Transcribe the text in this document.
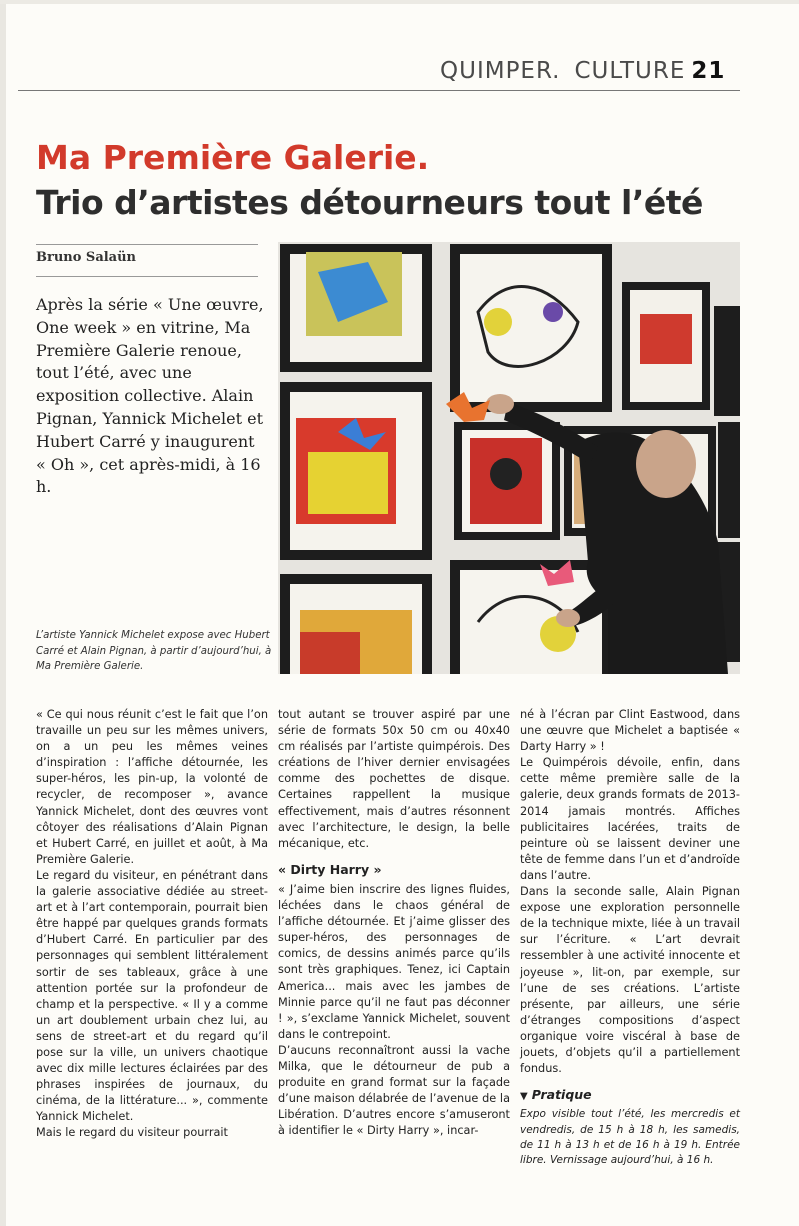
QUIMPER. CULTURE 21
Ma Première Galerie.
Trio d’artistes détourneurs tout l’été
Bruno Salaün

Après la série « Une œuvre, One week » en vitrine, Ma Première Galerie renoue, tout l’été, avec une exposition collective. Alain Pignan, Yannick Michelet et Hubert Carré y inaugurent « Oh », cet après-midi, à 16 h.

L’artiste Yannick Michelet expose avec Hubert Carré et Alain Pignan, à partir d’aujourd’hui, à Ma Première Galerie.

« Ce qui nous réunit c’est le fait que l’on travaille un peu sur les mêmes univers, on a un peu les mêmes veines d’inspiration : l’affiche détournée, les super-héros, les pin-up, la volonté de recycler, de recomposer », avance Yannick Michelet, dont des œuvres vont côtoyer des réalisations d’Alain Pignan et Hubert Carré, en juillet et août, à Ma Première Galerie.

Le regard du visiteur, en pénétrant dans la galerie associative dédiée au street-art et à l’art contemporain, pourrait bien être happé par quelques grands formats d’Hubert Carré. En particulier par des personnages qui semblent littéralement sortir de ses tableaux, grâce à une attention portée sur la profondeur de champ et la perspective. « Il y a comme un art doublement urbain chez lui, au sens de street-art et du regard qu’il pose sur la ville, un univers chaotique avec dix mille lectures éclairées par des phrases inspirées de journaux, du cinéma, de la littérature... », commente Yannick Michelet.

Mais le regard du visiteur pourrait

tout autant se trouver aspiré par une série de formats 50x 50 cm ou 40x40 cm réalisés par l’artiste quimpérois. Des créations de l’hiver dernier envisagées comme des pochettes de disque. Certaines rappellent la musique effectivement, mais d’autres résonnent avec l’architecture, le design, la belle mécanique, etc.

« Dirty Harry »

« J’aime bien inscrire des lignes fluides, léchées dans le chaos général de l’affiche détournée. Et j’aime glisser des super-héros, des personnages de comics, de dessins animés parce qu’ils sont très graphiques. Tenez, ici Captain America... mais avec les jambes de Minnie parce qu’il ne faut pas déconner ! », s’exclame Yannick Michelet, souvent dans le contrepoint.

D’aucuns reconnaîtront aussi la vache Milka, que le détourneur de pub a produite en grand format sur la façade d’une maison délabrée de l’avenue de la Libération. D’autres encore s’amuseront à identifier le « Dirty Harry », incar-

né à l’écran par Clint Eastwood, dans une œuvre que Michelet a baptisée « Darty Harry » !

Le Quimpérois dévoile, enfin, dans cette même première salle de la galerie, deux grands formats de 2013-2014 jamais montrés. Affiches publicitaires lacérées, traits de peinture où se laissent deviner une tête de femme dans l’un et d’androïde dans l’autre.

Dans la seconde salle, Alain Pignan expose une exploration personnelle de la technique mixte, liée à un travail sur l’écriture. « L’art devrait ressembler à une activité innocente et joyeuse », lit-on, par exemple, sur l’une de ses créations. L’artiste présente, par ailleurs, une série d’étranges compositions d’aspect organique voire viscéral à base de jouets, d’objets qu’il a partiellement fondus.

▼ Pratique

Expo visible tout l’été, les mercredis et vendredis, de 15 h à 18 h, les samedis, de 11 h à 13 h et de 16 h à 19 h. Entrée libre. Vernissage aujourd’hui, à 16 h.
